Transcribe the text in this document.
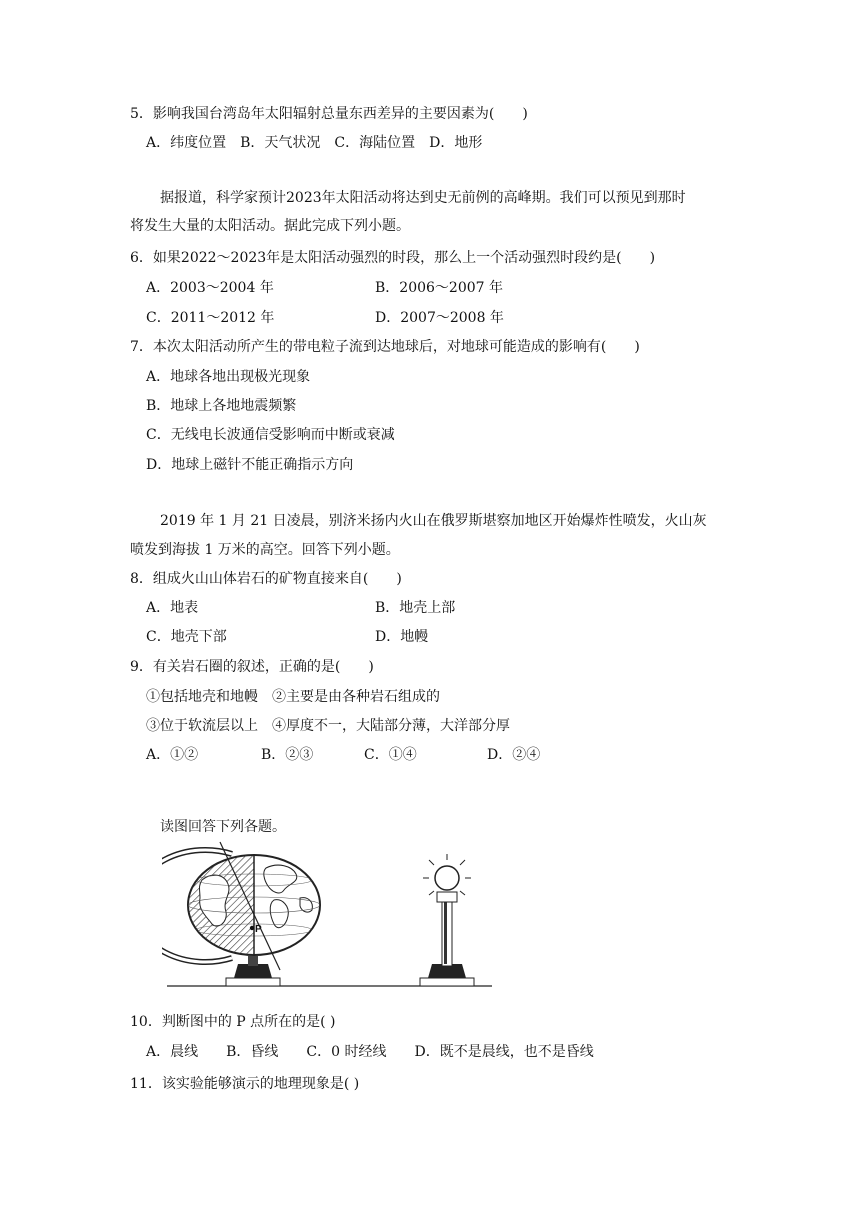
5．影响我国台湾岛年太阳辐射总量东西差异的主要因素为(　　)
A．纬度位置　B．天气状况　C．海陆位置　D．地形
据报道，科学家预计2023年太阳活动将达到史无前例的高峰期。我们可以预见到那时
将发生大量的太阳活动。据此完成下列小题。
6．如果2022～2023年是太阳活动强烈的时段，那么上一个活动强烈时段约是(　　)
A．2003～2004 年	B．2006～2007 年
C．2011～2012 年	D．2007～2008 年
7．本次太阳活动所产生的带电粒子流到达地球后，对地球可能造成的影响有(　　)
A．地球各地出现极光现象
B．地球上各地地震频繁
C．无线电长波通信受影响而中断或衰减
D．地球上磁针不能正确指示方向
2019 年 1 月 21 日凌晨，别济米扬内火山在俄罗斯堪察加地区开始爆炸性喷发，火山灰
喷发到海拔 1 万米的高空。回答下列小题。
8．组成火山山体岩石的矿物直接来自(　　)
A．地表	B．地壳上部
C．地壳下部	D．地幔
9．有关岩石圈的叙述，正确的是(　　)
①包括地壳和地幔　②主要是由各种岩石组成的
③位于软流层以上　④厚度不一，大陆部分薄，大洋部分厚
A．①②	B．②③	C．①④	D．②④
读图回答下列各题。
P
10．判断图中的 P 点所在的是( )
A．晨线　　B．昏线　　C．0 时经线　　D．既不是晨线，也不是昏线
11．该实验能够演示的地理现象是( )
